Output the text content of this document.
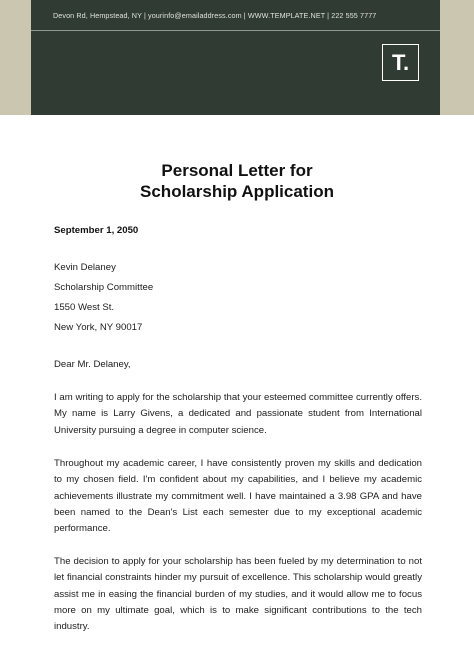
Devon Rd, Hempstead, NY | yourinfo@emailaddress.com | WWW.TEMPLATE.NET | 222 555 7777
T.
Personal Letter for
Scholarship Application
September 1, 2050
Kevin Delaney
Scholarship Committee
1550 West St.
New York, NY 90017
Dear Mr. Delaney,

I am writing to apply for the scholarship that your esteemed committee currently offers. My name is Larry Givens, a dedicated and passionate student from International University pursuing a degree in computer science.

Throughout my academic career, I have consistently proven my skills and dedication to my chosen field. I'm confident about my capabilities, and I believe my academic achievements illustrate my commitment well. I have maintained a 3.98 GPA and have been named to the Dean's List each semester due to my exceptional academic performance.

The decision to apply for your scholarship has been fueled by my determination to not let financial constraints hinder my pursuit of excellence. This scholarship would greatly assist me in easing the financial burden of my studies, and it would allow me to focus more on my ultimate goal, which is to make significant contributions to the tech industry.
